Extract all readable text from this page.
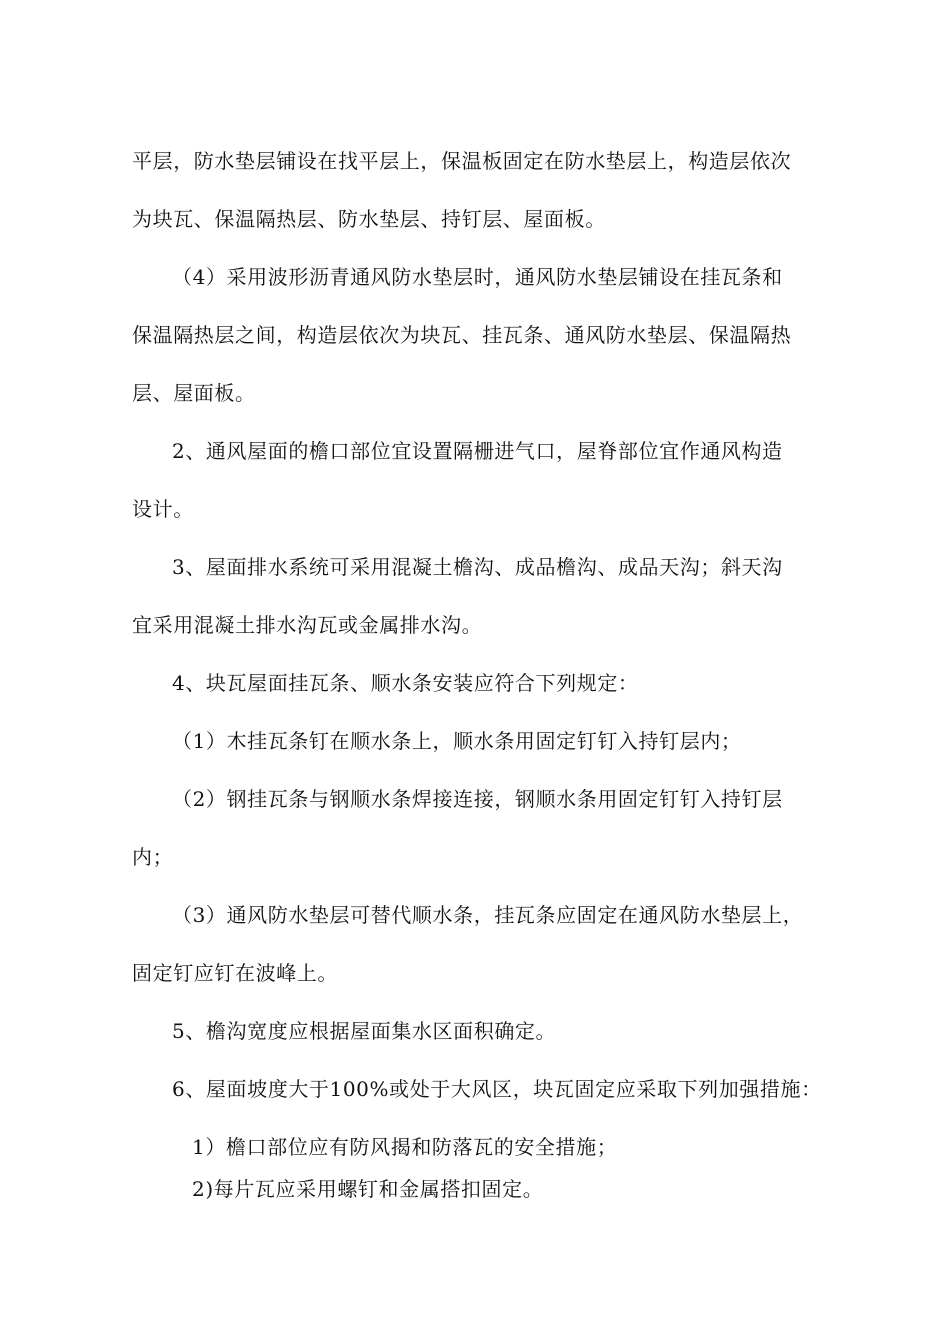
平层，防水垫层铺设在找平层上，保温板固定在防水垫层上，构造层依次
为块瓦、保温隔热层、防水垫层、持钉层、屋面板。
（4）采用波形沥青通风防水垫层时，通风防水垫层铺设在挂瓦条和
保温隔热层之间，构造层依次为块瓦、挂瓦条、通风防水垫层、保温隔热
层、屋面板。
2、通风屋面的檐口部位宜设置隔栅进气口，屋脊部位宜作通风构造
设计。
3、屋面排水系统可采用混凝土檐沟、成品檐沟、成品天沟；斜天沟
宜采用混凝土排水沟瓦或金属排水沟。
4、块瓦屋面挂瓦条、顺水条安装应符合下列规定：
（1）木挂瓦条钉在顺水条上，顺水条用固定钉钉入持钉层内；
（2）钢挂瓦条与钢顺水条焊接连接，钢顺水条用固定钉钉入持钉层
内；
（3）通风防水垫层可替代顺水条，挂瓦条应固定在通风防水垫层上，
固定钉应钉在波峰上。
5、檐沟宽度应根据屋面集水区面积确定。
6、屋面坡度大于100%或处于大风区，块瓦固定应采取下列加强措施：
1）檐口部位应有防风揭和防落瓦的安全措施；
2)每片瓦应采用螺钉和金属搭扣固定。
